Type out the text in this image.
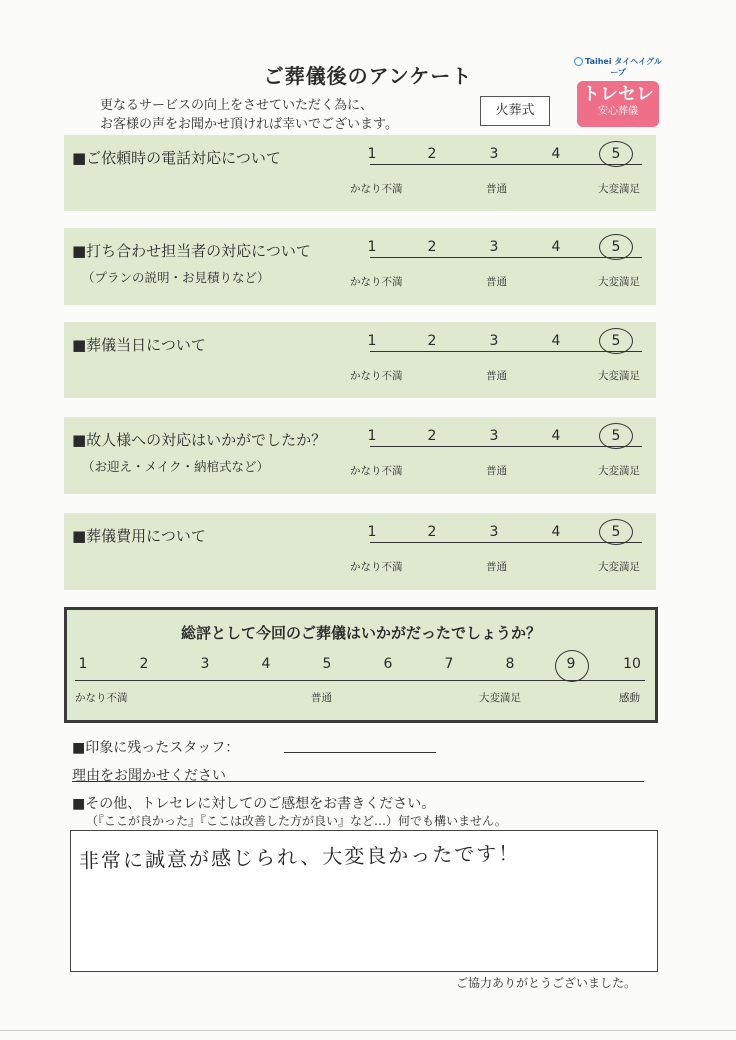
ご葬儀後のアンケート
更なるサービスの向上をさせていただく為に、
お客様の声をお聞かせ頂ければ幸いでございます。
火葬式
Taihei タイヘイグループ
トレセレ
安心葬儀
■ご依頼時の電話対応について	1	2	3	4	5
かなり不満	普通	大変満足
■打ち合わせ担当者の対応について
（プランの説明・お見積りなど）
1	2	3	4	5
かなり不満	普通	大変満足
■葬儀当日について	1	2	3	4	5
かなり不満	普通	大変満足
■故人様への対応はいかがでしたか？
（お迎え・メイク・納棺式など）
1	2	3	4	5
かなり不満	普通	大変満足
■葬儀費用について	1	2	3	4	5
かなり不満	普通	大変満足
総評として今回のご葬儀はいかがだったでしょうか？
1	2	3	4	5	6	7	8	9	10
かなり不満	普通	大変満足	感動
■印象に残ったスタッフ：
理由をお聞かせください
■その他、トレセレに対してのご感想をお書きください。
（『ここが良かった』『ここは改善した方が良い』など…）何でも構いません。
非常に誠意が感じられ、大変良かったです！
ご協力ありがとうございました。
